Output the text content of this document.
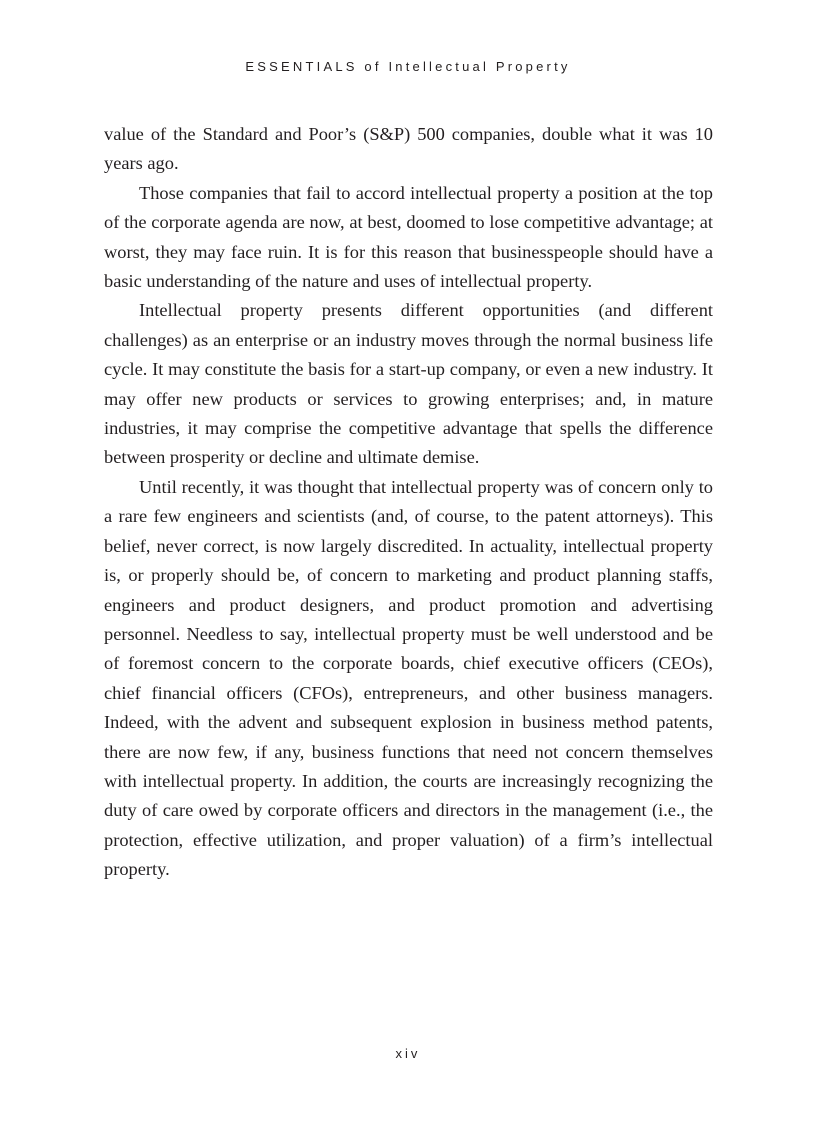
ESSENTIALS of Intellectual Property

value of the Standard and Poor’s (S&P) 500 companies, double what it was 10 years ago.

Those companies that fail to accord intellectual property a position at the top of the corporate agenda are now, at best, doomed to lose competitive advantage; at worst, they may face ruin. It is for this reason that businesspeople should have a basic understanding of the nature and uses of intellectual property.

Intellectual property presents different opportunities (and different challenges) as an enterprise or an industry moves through the normal business life cycle. It may constitute the basis for a start-up company, or even a new industry. It may offer new products or services to growing enterprises; and, in mature industries, it may comprise the competitive advantage that spells the difference between prosperity or decline and ultimate demise.

Until recently, it was thought that intellectual property was of concern only to a rare few engineers and scientists (and, of course, to the patent attorneys). This belief, never correct, is now largely discredited. In actuality, intellectual property is, or properly should be, of concern to marketing and product planning staffs, engineers and product designers, and product promotion and advertising personnel. Needless to say, intellectual property must be well understood and be of foremost concern to the corporate boards, chief executive officers (CEOs), chief financial officers (CFOs), entrepreneurs, and other business managers. Indeed, with the advent and subsequent explosion in business method patents, there are now few, if any, business functions that need not concern themselves with intellectual property. In addition, the courts are increasingly recognizing the duty of care owed by corporate officers and directors in the management (i.e., the protection, effective utilization, and proper valuation) of a firm’s intellectual property.

xiv
